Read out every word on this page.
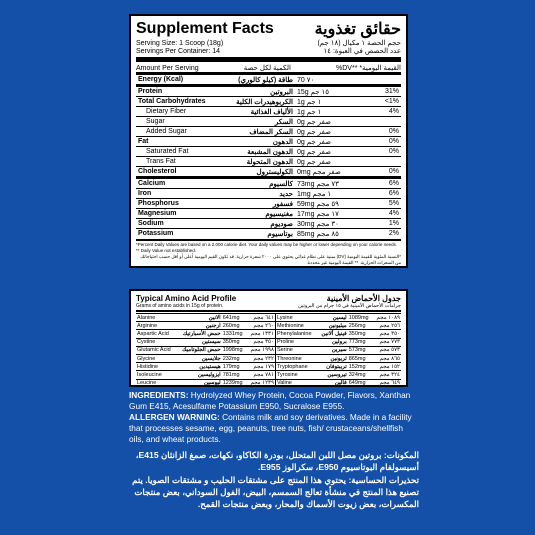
Supplement Facts	حقائق تغذوية
Serving Size: 1 Scoop (18g)	حجم الحصة ١ مكيال (١٨ جم)
Servings Per Container: 14	عدد الحصص في العبوة: ١٤
Amount Per Serving	الكمية لكل حصة	%DV** *القيمة اليومية
Energy (Kcal)	طاقة (كيلو كالوري)	70 ٧٠	
Protein	البروتين	15g ١٥ جم	31%
Total Carbohydrates	الكربوهيدرات الكلية	1g ١ جم	<1%
Dietary Fiber	الألياف الغذائية	1g ١ جم	4%
Sugar	السكر	0g صفر جم	
Added Sugar	السكر المضاف	0g صفر جم	0%
Fat	الدهون	0g صفر جم	0%
Saturated Fat	الدهون المشبعة	0g صفر جم	0%
Trans Fat	الدهون المتحولة	0g صفر جم	
Cholesterol	الكوليسترول	0mg صفر مجم	0%
Calcium	كالسيوم	73mg ٧٣ مجم	6%
Iron	حديد	1mg ١ مجم	6%
Phosphorus	فسفور	59mg ٥٩ مجم	5%
Magnesium	مغنيسيوم	17mg ١٧ مجم	4%
Sodium	صوديوم	30mg ٣٠ مجم	1%
Potassium	بوتاسيوم	85mg ٨٥ مجم	2%
*Percent Daily Values are based on a 2,000 calorie diet. Your daily values may be higher or lower depending on your calorie needs. ** Daily Value not established.
*النسبة المئوية للقيمة اليومية (DV) مبنية على نظام غذائي يحتوي على ٢٠٠٠ سعرة حرارية. قد تكون القيم اليومية أعلى أو أقل حسب احتياجاتك من السعرات الحرارية. ** القيمة اليومية غير محددة.
Typical Amino Acid Profile	جدول الأحماض الأمينية
Grams of amino acids in 15g of protein.	جرامات الأحماض الأمينية في ١٥ جرام من البروتين
Alanine	الانين	641mg	٦٤١ مجم	Lysine	ليسين	1089mg	١٠٨٩ مجم
Arginine	ارجنين	260mg	٢٦٠ مجم	Methionine	ميثيونين	256mg	٢٥٦ مجم
Aspartic Acid	حمض الأسبارتيك	1331mg	١٣٣١ مجم	Phenylalanine	فينيل ألانين	350mg	٣٥٠ مجم
Cystine	سيستين	350mg	٣٥٠ مجم	Proline	برولين	773mg	٧٧٣ مجم
Glutamic Acid	حمض الجلوتاميك	1998mg	١٩٩٨ مجم	Serine	سيرين	573mg	٥٧٣ مجم
Glycine	جلايسين	232mg	٢٣٢ مجم	Threonine	ثريونين	865mg	٨٦٥ مجم
Histidine	هيستيدين	179mg	١٧٩ مجم	Tryptophane	تريبتوفان	152mg	١٥٢ مجم
Isoleucine	ايزوليسين	781mg	٧٨١ مجم	Tyrosine	تيروسين	324mg	٣٢٤ مجم
Leucine	ليوسين	1239mg	١٢٣٩ مجم	Valine	فالين	649mg	٦٤٩ مجم
INGREDIENTS: Hydrolyzed Whey Protein, Cocoa Powder, Flavors, Xanthan Gum E415, Acesulfame Potassium E950, Sucralose E955.
ALLERGEN WARNING: Contains milk and soy derivatives. Made in a facility that processes sesame, egg, peanuts, tree nuts, fish/ crustaceans/shellfish oils, and wheat products.
المكونات: بروتين مصل اللبن المتحلل، بودرة الكاكاو، نكهات، صمغ الزانثان E415، أسيسولفام البوتاسيوم E950، سكرالوز E955.
تحذيرات الحساسية: يحتوي هذا المنتج على مشتقات الحليب و مشتقات الصويا. يتم تصنيع هذا المنتج في منشأة تعالج السمسم، البيض، الفول السوداني، بعض منتجات المكسرات، بعض زيوت الأسماك والمحار، وبعض منتجات القمح.
